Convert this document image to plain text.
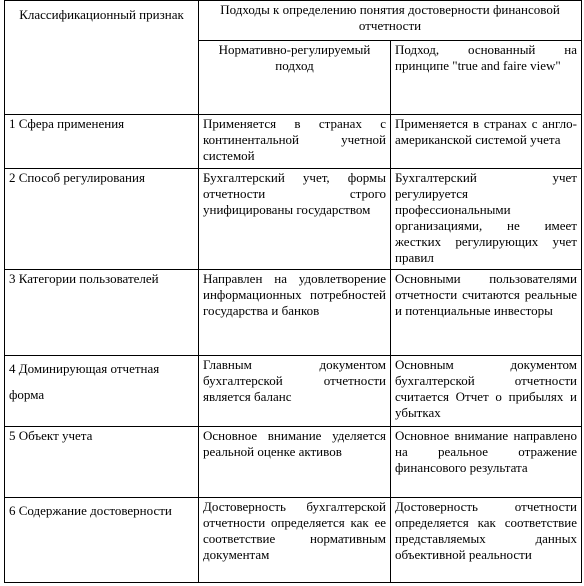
Классификационный признак	Подходы к определению понятия достоверности финансовой отчетности	
	Нормативно-регулируемый подход	Подход, основанный на принципе "true and faire view"
1 Сфера применения	Применяется в странах с континентальной учетной системой	Применяется в странах с англо-американской системой учета
2 Способ регулирования	Бухгалтерский учет, формы отчетности строго унифицированы государством	Бухгалтерский учет регулируется профессиональными организациями, не имеет жестких регулирующих учет правил
3 Категории пользователей	Направлен на удовлетворение информационных потребностей государства и банков	Основными пользователями отчетности считаются реальные и потенциальные инвесторы
4 Доминирующая отчетная форма	Главным документом бухгалтерской отчетности является баланс	Основным документом бухгалтерской отчетности считается Отчет о прибылях и убытках
5 Объект учета	Основное внимание уделяется реальной оценке активов	Основное внимание направлено на реальное отражение финансового результата
6 Содержание достоверности	Достоверность бухгалтерской отчетности определяется как ее соответствие нормативным документам	Достоверность отчетности определяется как соответствие представляемых данных объективной реальности
